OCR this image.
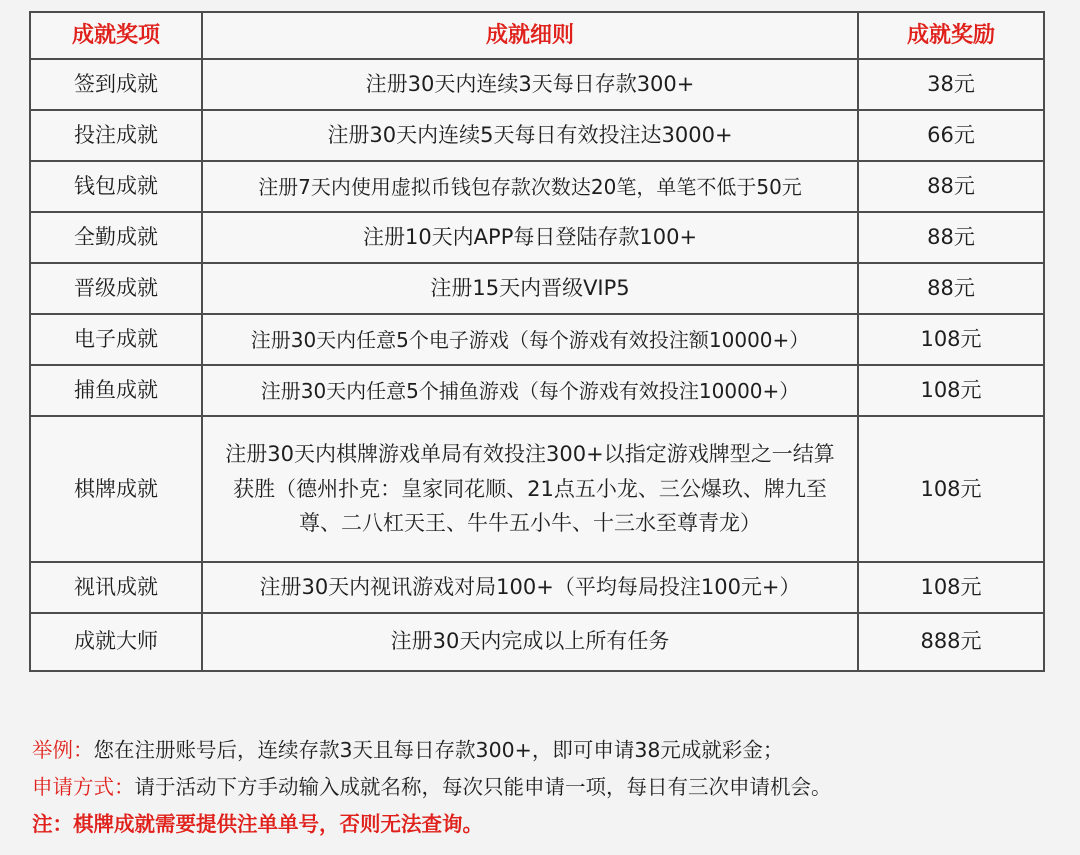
成就奖项	成就细则	成就奖励
签到成就	注册30天内连续3天每日存款300+	38元
投注成就	注册30天内连续5天每日有效投注达3000+	66元
钱包成就	注册7天内使用虚拟币钱包存款次数达20笔，单笔不低于50元	88元
全勤成就	注册10天内APP每日登陆存款100+	88元
晋级成就	注册15天内晋级VIP5	88元
电子成就	注册30天内任意5个电子游戏（每个游戏有效投注额10000+）	108元
捕鱼成就	注册30天内任意5个捕鱼游戏（每个游戏有效投注10000+）	108元
棋牌成就	注册30天内棋牌游戏单局有效投注300+以指定游戏牌型之一结算获胜（德州扑克：皇家同花顺、21点五小龙、三公爆玖、牌九至尊、二八杠天王、牛牛五小牛、十三水至尊青龙）	108元
视讯成就	注册30天内视讯游戏对局100+（平均每局投注100元+）	108元
成就大师	注册30天内完成以上所有任务	888元
举例：您在注册账号后，连续存款3天且每日存款300+，即可申请38元成就彩金；
申请方式：请于活动下方手动输入成就名称，每次只能申请一项，每日有三次申请机会。
注：棋牌成就需要提供注单单号，否则无法查询。
